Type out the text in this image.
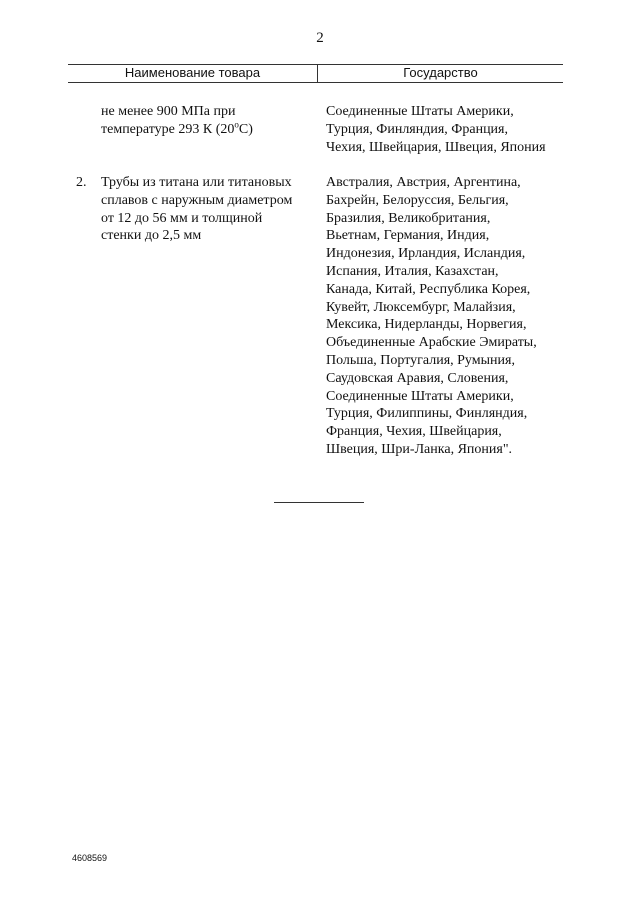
2
Наименование товара	Государство
не менее 900 МПа при
температуре 293 К $(20^оС)$
Соединенные Штаты Америки,
Турция, Финляндия, Франция,
Чехия, Швейцария, Швеция, Япония
2. Трубы из титана или титановых
сплавов с наружным диаметром
от 12 до 56 мм и толщиной
стенки до 2,5 мм
Австралия, Австрия, Аргентина,
Бахрейн, Белоруссия, Бельгия,
Бразилия, Великобритания,
Вьетнам, Германия, Индия,
Индонезия, Ирландия, Исландия,
Испания, Италия, Казахстан,
Канада, Китай, Республика Корея,
Кувейт, Люксембург, Малайзия,
Мексика, Нидерланды, Норвегия,
Объединенные Арабские Эмираты,
Польша, Португалия, Румыния,
Саудовская Аравия, Словения,
Соединенные Штаты Америки,
Турция, Филиппины, Финляндия,
Франция, Чехия, Швейцария,
Швеция, Шри-Ланка, Япония".
4608569
